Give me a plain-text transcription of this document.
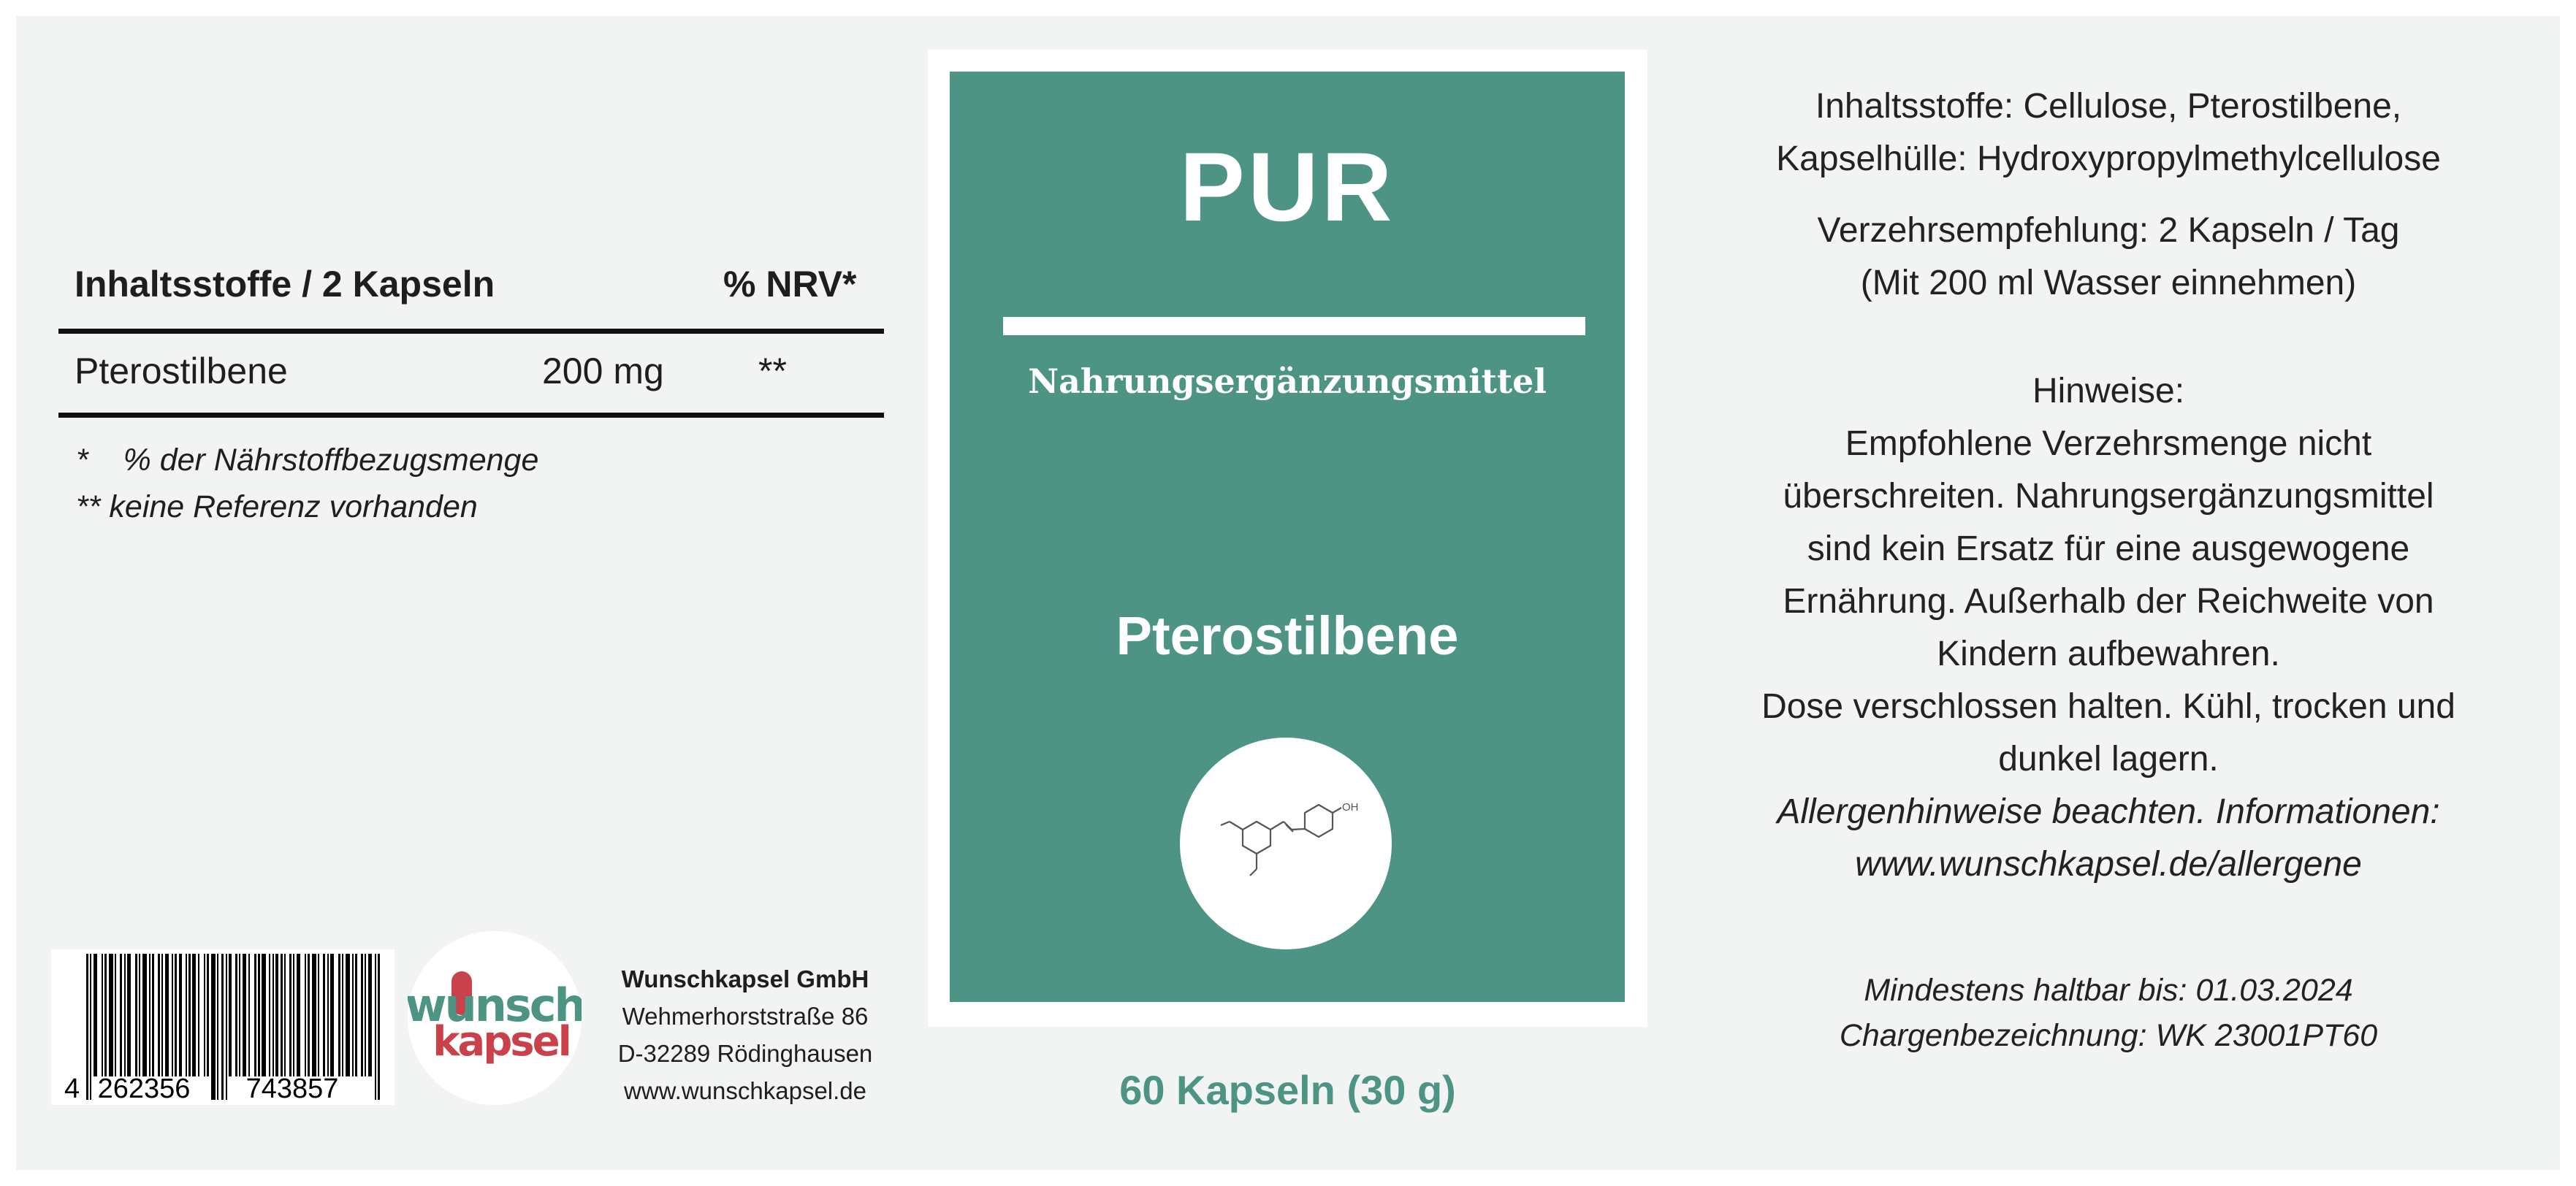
Inhaltsstoffe / 2 Kapseln	% NRV*
Pterostilbene	200 mg	**
*    % der Nährstoffbezugsmenge
** keine Referenz vorhanden
4 262356 743857
wunsch
kapsel
Wunschkapsel GmbH
Wehmerhorststraße 86
D-32289 Rödinghausen
www.wunschkapsel.de
PUR
Nahrungsergänzungsmittel
Pterostilbene
OH
60 Kapseln (30 g)
Inhaltsstoffe: Cellulose, Pterostilbene,
Kapselhülle: Hydroxypropylmethylcellulose
Verzehrsempfehlung: 2 Kapseln / Tag
(Mit 200 ml Wasser einnehmen)
Hinweise:
Empfohlene Verzehrsmenge nicht
überschreiten. Nahrungsergänzungsmittel
sind kein Ersatz für eine ausgewogene
Ernährung. Außerhalb der Reichweite von
Kindern aufbewahren.
Dose verschlossen halten. Kühl, trocken und
dunkel lagern.
Allergenhinweise beachten. Informationen:
www.wunschkapsel.de/allergene
Mindestens haltbar bis: 01.03.2024
Chargenbezeichnung: WK 23001PT60
